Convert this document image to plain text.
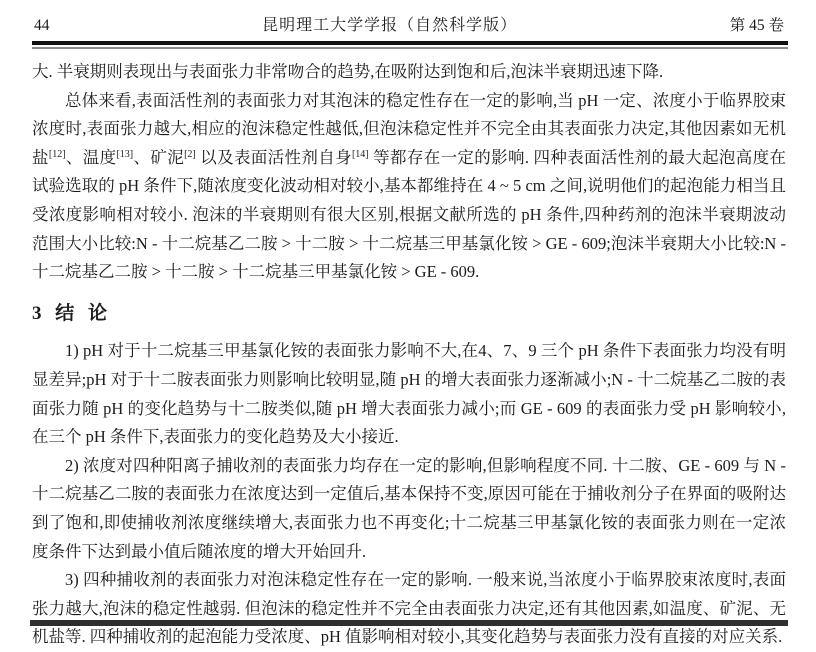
44	昆明理工大学学报（自然科学版）	第 45 卷

大. 半衰期则表现出与表面张力非常吻合的趋势,在吸附达到饱和后,泡沫半衰期迅速下降.

总体来看,表面活性剂的表面张力对其泡沫的稳定性存在一定的影响,当 pH 一定、浓度小于临界胶束浓度时,表面张力越大,相应的泡沫稳定性越低,但泡沫稳定性并不完全由其表面张力决定,其他因素如无机盐[12]、温度[13]、矿泥[2] 以及表面活性剂自身[14] 等都存在一定的影响. 四种表面活性剂的最大起泡高度在试验选取的 pH 条件下,随浓度变化波动相对较小,基本都维持在 4 ~ 5 cm 之间,说明他们的起泡能力相当且受浓度影响相对较小. 泡沫的半衰期则有很大区别,根据文献所选的 pH 条件,四种药剂的泡沫半衰期波动范围大小比较:N - 十二烷基乙二胺 > 十二胺 > 十二烷基三甲基氯化铵 > GE - 609;泡沫半衰期大小比较:N - 十二烷基乙二胺 > 十二胺 > 十二烷基三甲基氯化铵 > GE - 609.

3 结 论

1) pH 对于十二烷基三甲基氯化铵的表面张力影响不大,在4、7、9 三个 pH 条件下表面张力均没有明显差异;pH 对于十二胺表面张力则影响比较明显,随 pH 的增大表面张力逐渐减小;N - 十二烷基乙二胺的表面张力随 pH 的变化趋势与十二胺类似,随 pH 增大表面张力减小;而 GE - 609 的表面张力受 pH 影响较小,在三个 pH 条件下,表面张力的变化趋势及大小接近.

2) 浓度对四种阳离子捕收剂的表面张力均存在一定的影响,但影响程度不同. 十二胺、GE - 609 与 N - 十二烷基乙二胺的表面张力在浓度达到一定值后,基本保持不变,原因可能在于捕收剂分子在界面的吸附达到了饱和,即使捕收剂浓度继续增大,表面张力也不再变化;十二烷基三甲基氯化铵的表面张力则在一定浓度条件下达到最小值后随浓度的增大开始回升.

3) 四种捕收剂的表面张力对泡沫稳定性存在一定的影响. 一般来说,当浓度小于临界胶束浓度时,表面张力越大,泡沫的稳定性越弱. 但泡沫的稳定性并不完全由表面张力决定,还有其他因素,如温度、矿泥、无机盐等. 四种捕收剂的起泡能力受浓度、pH 值影响相对较小,其变化趋势与表面张力没有直接的对应关系.
